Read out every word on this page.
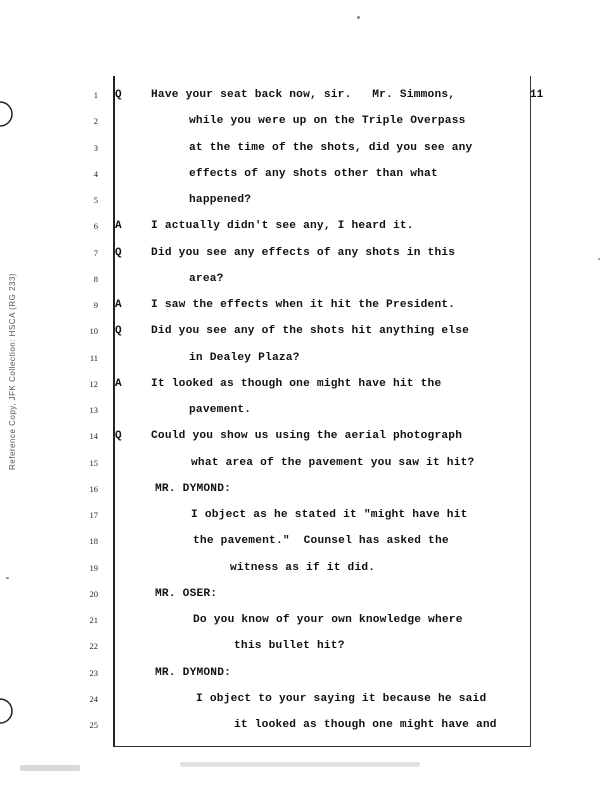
11
Reference Copy, JFK Collection: HSCA (RG 233)
1 Q	Have your seat back now, sir.   Mr. Simmons,
2	while you were up on the Triple Overpass
3	at the time of the shots, did you see any
4	effects of any shots other than what
5	happened?
6 A	I actually didn't see any, I heard it.
7 Q	Did you see any effects of any shots in this
8	area?
9 A	I saw the effects when it hit the President.
10 Q	Did you see any of the shots hit anything else
11	in Dealey Plaza?
12 A	It looked as though one might have hit the
13	pavement.
14 Q	Could you show us using the aerial photograph
15	what area of the pavement you saw it hit?
16	MR. DYMOND:
17	I object as he stated it "might have hit
18	the pavement."  Counsel has asked the
19	witness as if it did.
20	MR. OSER:
21	Do you know of your own knowledge where
22	this bullet hit?
23	MR. DYMOND:
24	I object to your saying it because he said
25	it looked as though one might have and
